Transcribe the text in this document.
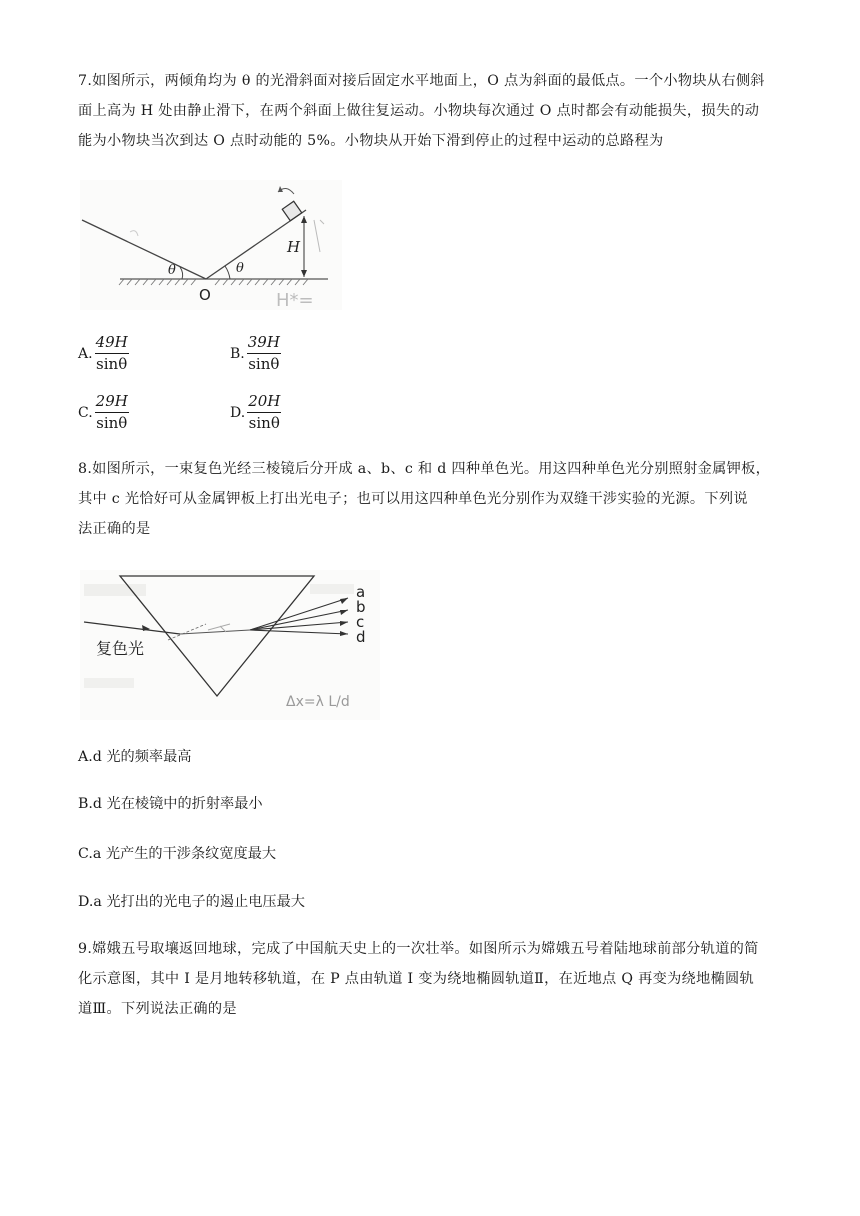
7.如图所示，两倾角均为 θ 的光滑斜面对接后固定水平地面上，O 点为斜面的最低点。一个小物块从右侧斜
面上高为 H 处由静止滑下，在两个斜面上做往复运动。小物块每次通过 O 点时都会有动能损失，损失的动
能为小物块当次到达 O 点时动能的 5%。小物块从开始下滑到停止的过程中运动的总路程为
θ	θ
O
H
H*=
A. $\frac{49H}{\sin\theta}$	B. $\frac{39H}{\sin\theta}$
C. $\frac{29H}{\sin\theta}$	D. $\frac{20H}{\sin\theta}$
8.如图所示，一束复色光经三棱镜后分开成 a、b、c 和 d 四种单色光。用这四种单色光分别照射金属钾板，
其中 c 光恰好可从金属钾板上打出光电子；也可以用这四种单色光分别作为双缝干涉实验的光源。下列说
法正确的是
a
b
c
d
复色光
Δx=λ L/d
A.d 光的频率最高
B.d 光在棱镜中的折射率最小
C.a 光产生的干涉条纹宽度最大
D.a 光打出的光电子的遏止电压最大
9.嫦娥五号取壤返回地球，完成了中国航天史上的一次壮举。如图所示为嫦娥五号着陆地球前部分轨道的简
化示意图，其中 I 是月地转移轨道，在 P 点由轨道 I 变为绕地椭圆轨道Ⅱ，在近地点 Q 再变为绕地椭圆轨
道Ⅲ。下列说法正确的是
